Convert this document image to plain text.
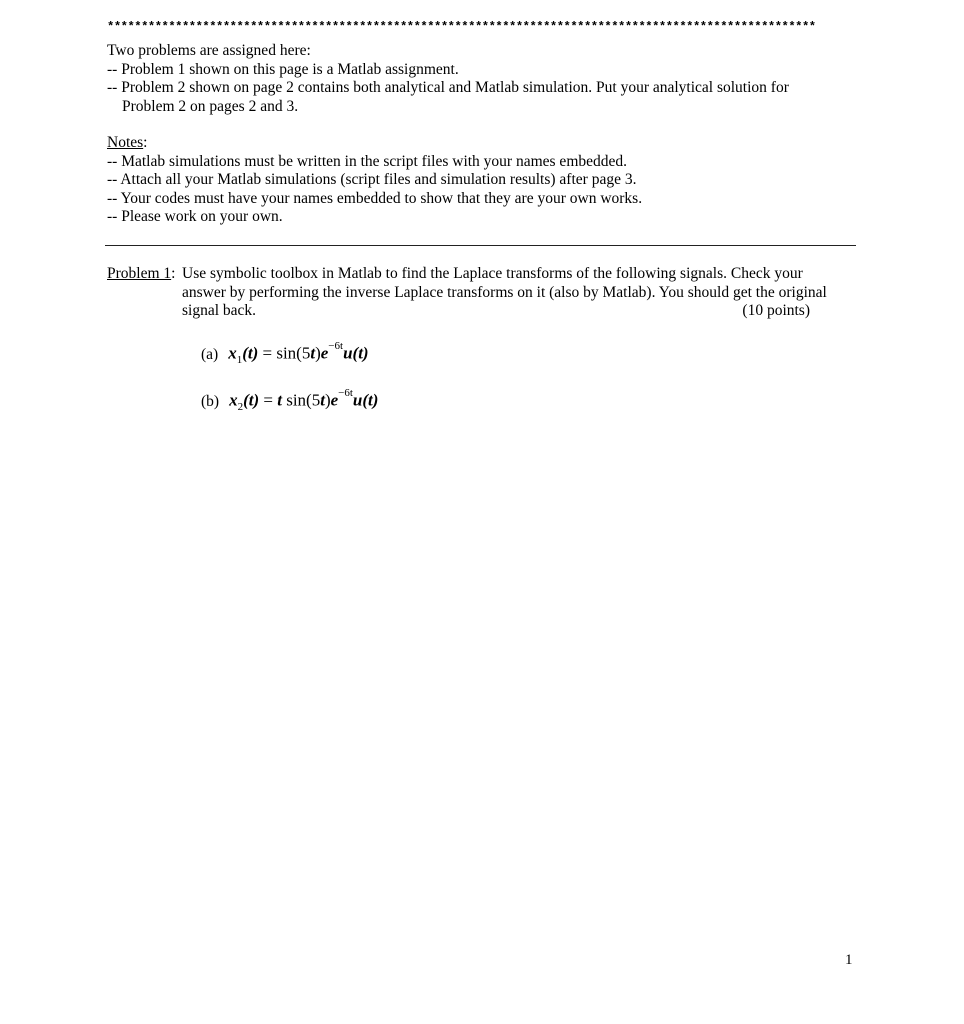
********************************************************************************************************
Two problems are assigned here:
-- Problem 1 shown on this page is a Matlab assignment.
-- Problem 2 shown on page 2 contains both analytical and Matlab simulation. Put your analytical solution for
Problem 2 on pages 2 and 3.
Notes:
-- Matlab simulations must be written in the script files with your names embedded.
-- Attach all your Matlab simulations (script files and simulation results) after page 3.
-- Your codes must have your names embedded to show that they are your own works.
-- Please work on your own.
Problem 1: Use symbolic toolbox in Matlab to find the Laplace transforms of the following signals. Check your
answer by performing the inverse Laplace transforms on it (also by Matlab). You should get the original
signal back.	(10 points)
(a) $x_1(t) = \sin(5t)e^{-6t}u(t)$
(b) $x_2(t) = t$ $\sin(5t)e^{-6t}u(t)$
1
